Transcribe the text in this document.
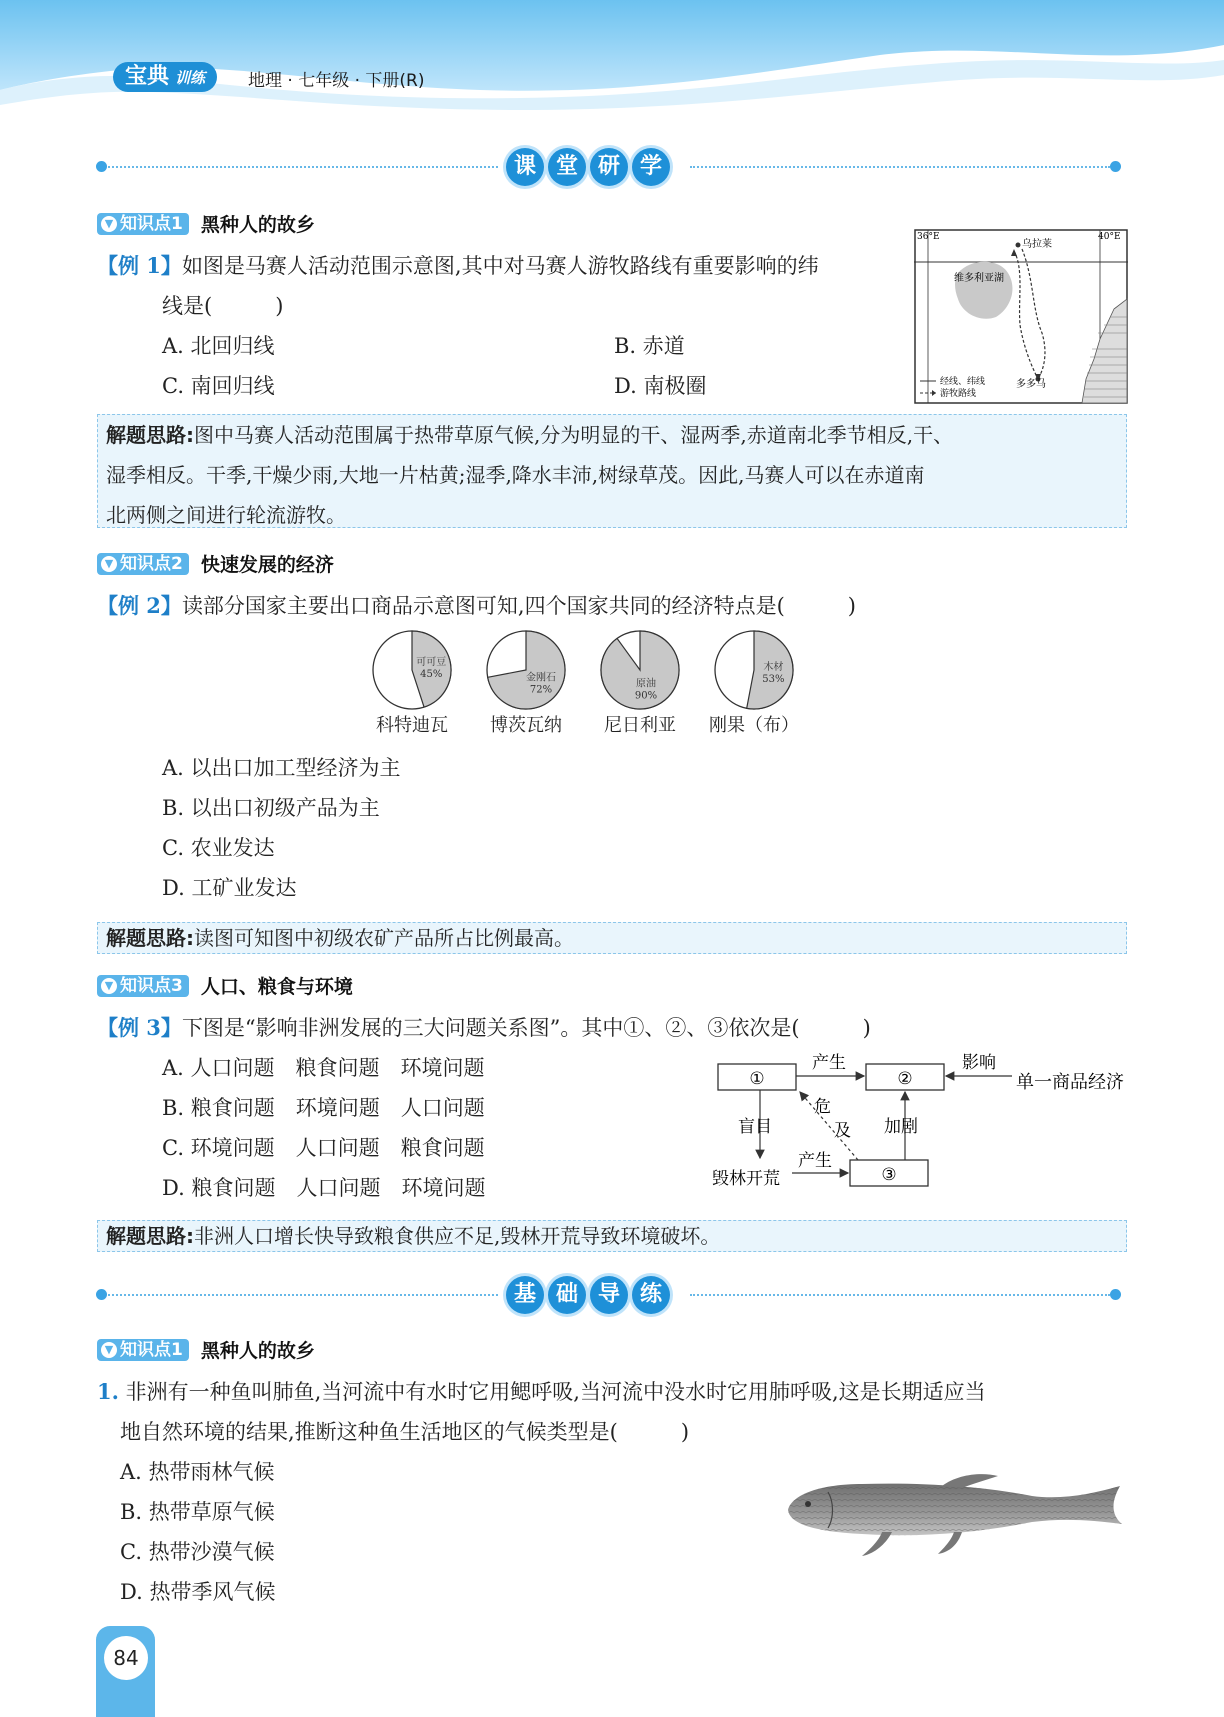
宝典 训练	地理 · 七年级 · 下册(R)
课 堂 研 学
▼ 知识点1 黑种人的故乡
【例 1】如图是马赛人活动范围示意图,其中对马赛人游牧路线有重要影响的纬
线是(　　　)
A. 北回归线	B. 赤道
C. 南回归线	D. 南极圈
36°E	40°E
乌拉莱
维多利亚湖
多多马
经线、纬线
游牧路线
解题思路:图中马赛人活动范围属于热带草原气候,分为明显的干、湿两季,赤道南北季节相反,干、
湿季相反。干季,干燥少雨,大地一片枯黄;湿季,降水丰沛,树绿草茂。因此,马赛人可以在赤道南
北两侧之间进行轮流游牧。
▼ 知识点2 快速发展的经济
【例 2】读部分国家主要出口商品示意图可知,四个国家共同的经济特点是(　　　)
可可豆
45%
科特迪瓦
金刚石
72%
博茨瓦纳
原油
90%
尼日利亚
木材
53%
刚果（布）
A. 以出口加工型经济为主
B. 以出口初级产品为主
C. 农业发达
D. 工矿业发达
解题思路:读图可知图中初级农矿产品所占比例最高。
▼ 知识点3 人口、粮食与环境
【例 3】下图是“影响非洲发展的三大问题关系图”。其中①、②、③依次是(　　　)
A. 人口问题　粮食问题　环境问题
B. 粮食问题　环境问题　人口问题
C. 环境问题　人口问题　粮食问题
D. 粮食问题　人口问题　环境问题
①	②
③
产生	影响
单一商品经济
盲目
危
及 加剧
毁林开荒
产生
解题思路:非洲人口增长快导致粮食供应不足,毁林开荒导致环境破坏。
基 础 导 练
▼ 知识点1 黑种人的故乡
1. 非洲有一种鱼叫肺鱼,当河流中有水时它用鳃呼吸,当河流中没水时它用肺呼吸,这是长期适应当
地自然环境的结果,推断这种鱼生活地区的气候类型是(　　　)
A. 热带雨林气候
B. 热带草原气候
C. 热带沙漠气候
D. 热带季风气候
84
